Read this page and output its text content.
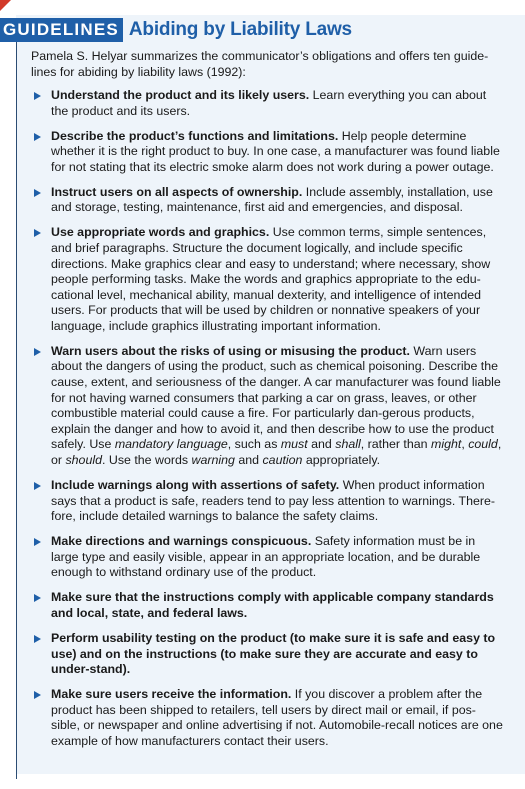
GUIDELINES Abiding by Liability Laws
Pamela S. Helyar summarizes the communicator’s obligations and offers ten guide-lines for abiding by liability laws (1992):
Understand the product and its likely users. Learn everything you can about the product and its users.
Describe the product’s functions and limitations. Help people determine whether it is the right product to buy. In one case, a manufacturer was found liable for not stating that its electric smoke alarm does not work during a power outage.
Instruct users on all aspects of ownership. Include assembly, installation, use and storage, testing, maintenance, first aid and emergencies, and disposal.
Use appropriate words and graphics. Use common terms, simple sentences, and brief paragraphs. Structure the document logically, and include specific directions. Make graphics clear and easy to understand; where necessary, show people performing tasks. Make the words and graphics appropriate to the edu-cational level, mechanical ability, manual dexterity, and intelligence of intended users. For products that will be used by children or nonnative speakers of your language, include graphics illustrating important information.
Warn users about the risks of using or misusing the product. Warn users about the dangers of using the product, such as chemical poisoning. Describe the cause, extent, and seriousness of the danger. A car manufacturer was found liable for not having warned consumers that parking a car on grass, leaves, or other combustible material could cause a fire. For particularly dan-gerous products, explain the danger and how to avoid it, and then describe how to use the product safely. Use mandatory language, such as must and shall, rather than might, could, or should. Use the words warning and caution appropriately.
Include warnings along with assertions of safety. When product information says that a product is safe, readers tend to pay less attention to warnings. There-fore, include detailed warnings to balance the safety claims.
Make directions and warnings conspicuous. Safety information must be in large type and easily visible, appear in an appropriate location, and be durable enough to withstand ordinary use of the product.
Make sure that the instructions comply with applicable company standards and local, state, and federal laws.
Perform usability testing on the product (to make sure it is safe and easy to use) and on the instructions (to make sure they are accurate and easy to under-stand).
Make sure users receive the information. If you discover a problem after the product has been shipped to retailers, tell users by direct mail or email, if pos-sible, or newspaper and online advertising if not. Automobile-recall notices are one example of how manufacturers contact their users.
